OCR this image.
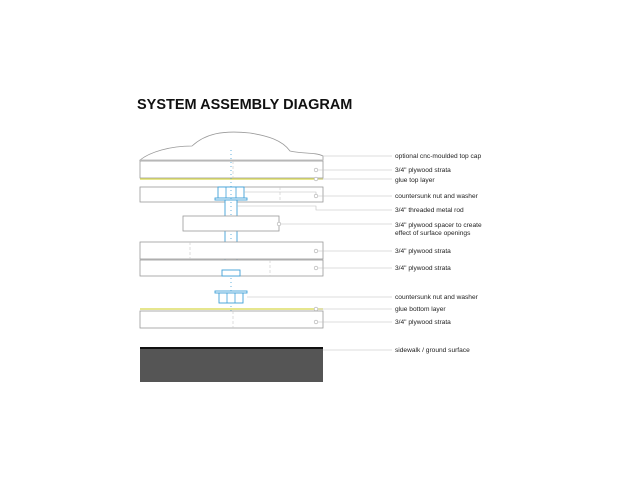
SYSTEM ASSEMBLY DIAGRAM
optional cnc-moulded top cap
3/4" plywood strata
glue top layer
countersunk nut and washer
3/4" threaded metal rod
3/4" plywood spacer to create
effect of surface openings
3/4" plywood strata
3/4" plywood strata
countersunk nut and washer
glue bottom layer
3/4" plywood strata
sidewalk / ground surface
